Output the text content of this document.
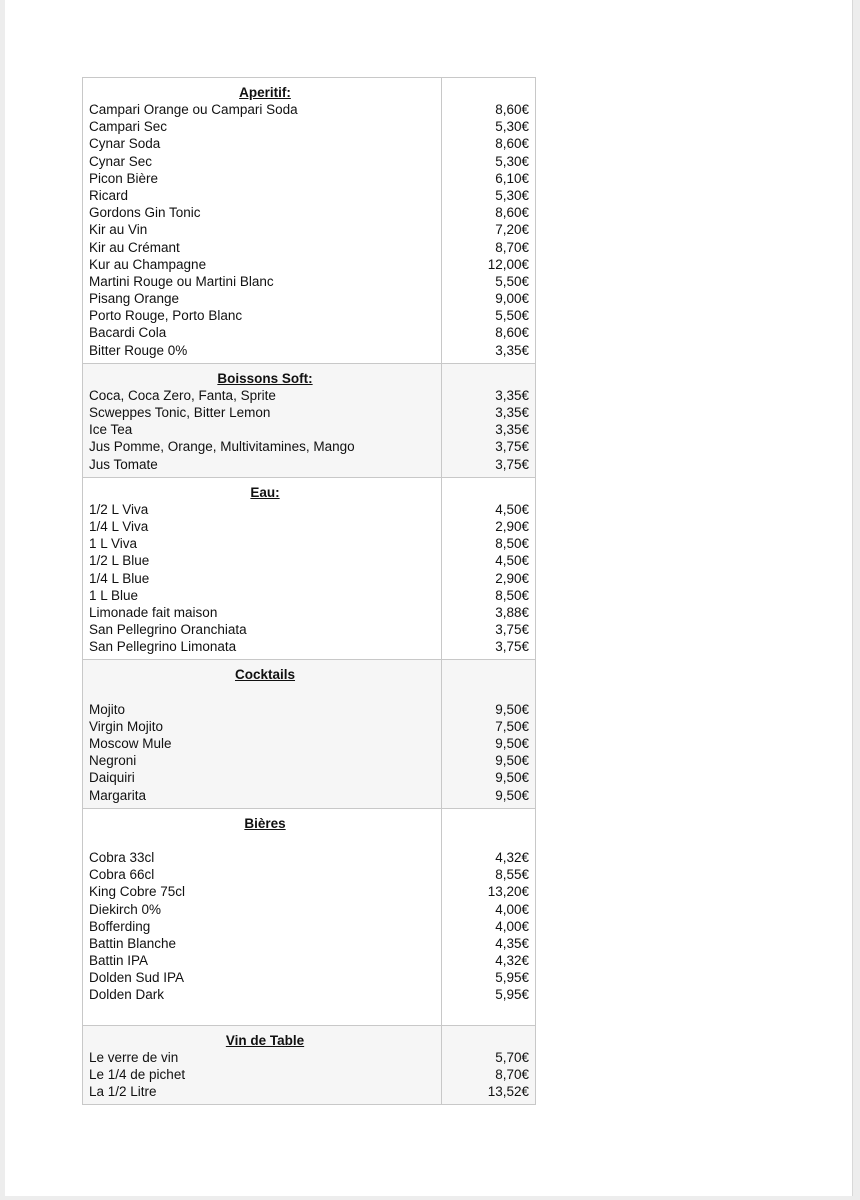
Aperitif:
Campari Orange ou Campari Soda
Campari Sec
Cynar Soda
Cynar Sec
Picon Bière
Ricard
Gordons Gin Tonic
Kir au Vin
Kir au Crémant
Kur au Champagne
Martini Rouge ou Martini Blanc
Pisang Orange
Porto Rouge, Porto Blanc
Bacardi Cola
Bitter Rouge 0%
8,60€
5,30€
8,60€
5,30€
6,10€
5,30€
8,60€
7,20€
8,70€
12,00€
5,50€
9,00€
5,50€
8,60€
3,35€
Boissons Soft:
Coca, Coca Zero, Fanta, Sprite
Scweppes Tonic, Bitter Lemon
Ice Tea
Jus Pomme, Orange, Multivitamines, Mango
Jus Tomate
3,35€
3,35€
3,35€
3,75€
3,75€
Eau:
1/2 L Viva
1/4 L Viva
1 L Viva
1/2 L Blue
1/4 L Blue
1 L Blue
Limonade fait maison
San Pellegrino Oranchiata
San Pellegrino Limonata
4,50€
2,90€
8,50€
4,50€
2,90€
8,50€
3,88€
3,75€
3,75€
Cocktails
Mojito
Virgin Mojito
Moscow Mule
Negroni
Daiquiri
Margarita
9,50€
7,50€
9,50€
9,50€
9,50€
9,50€
Bières
Cobra 33cl
Cobra 66cl
King Cobre 75cl
Diekirch 0%
Bofferding
Battin Blanche
Battin IPA
Dolden Sud IPA
Dolden Dark
4,32€
8,55€
13,20€
4,00€
4,00€
4,35€
4,32€
5,95€
5,95€
Vin de Table
Le verre de vin
Le 1/4 de pichet
La 1/2 Litre
5,70€
8,70€
13,52€
